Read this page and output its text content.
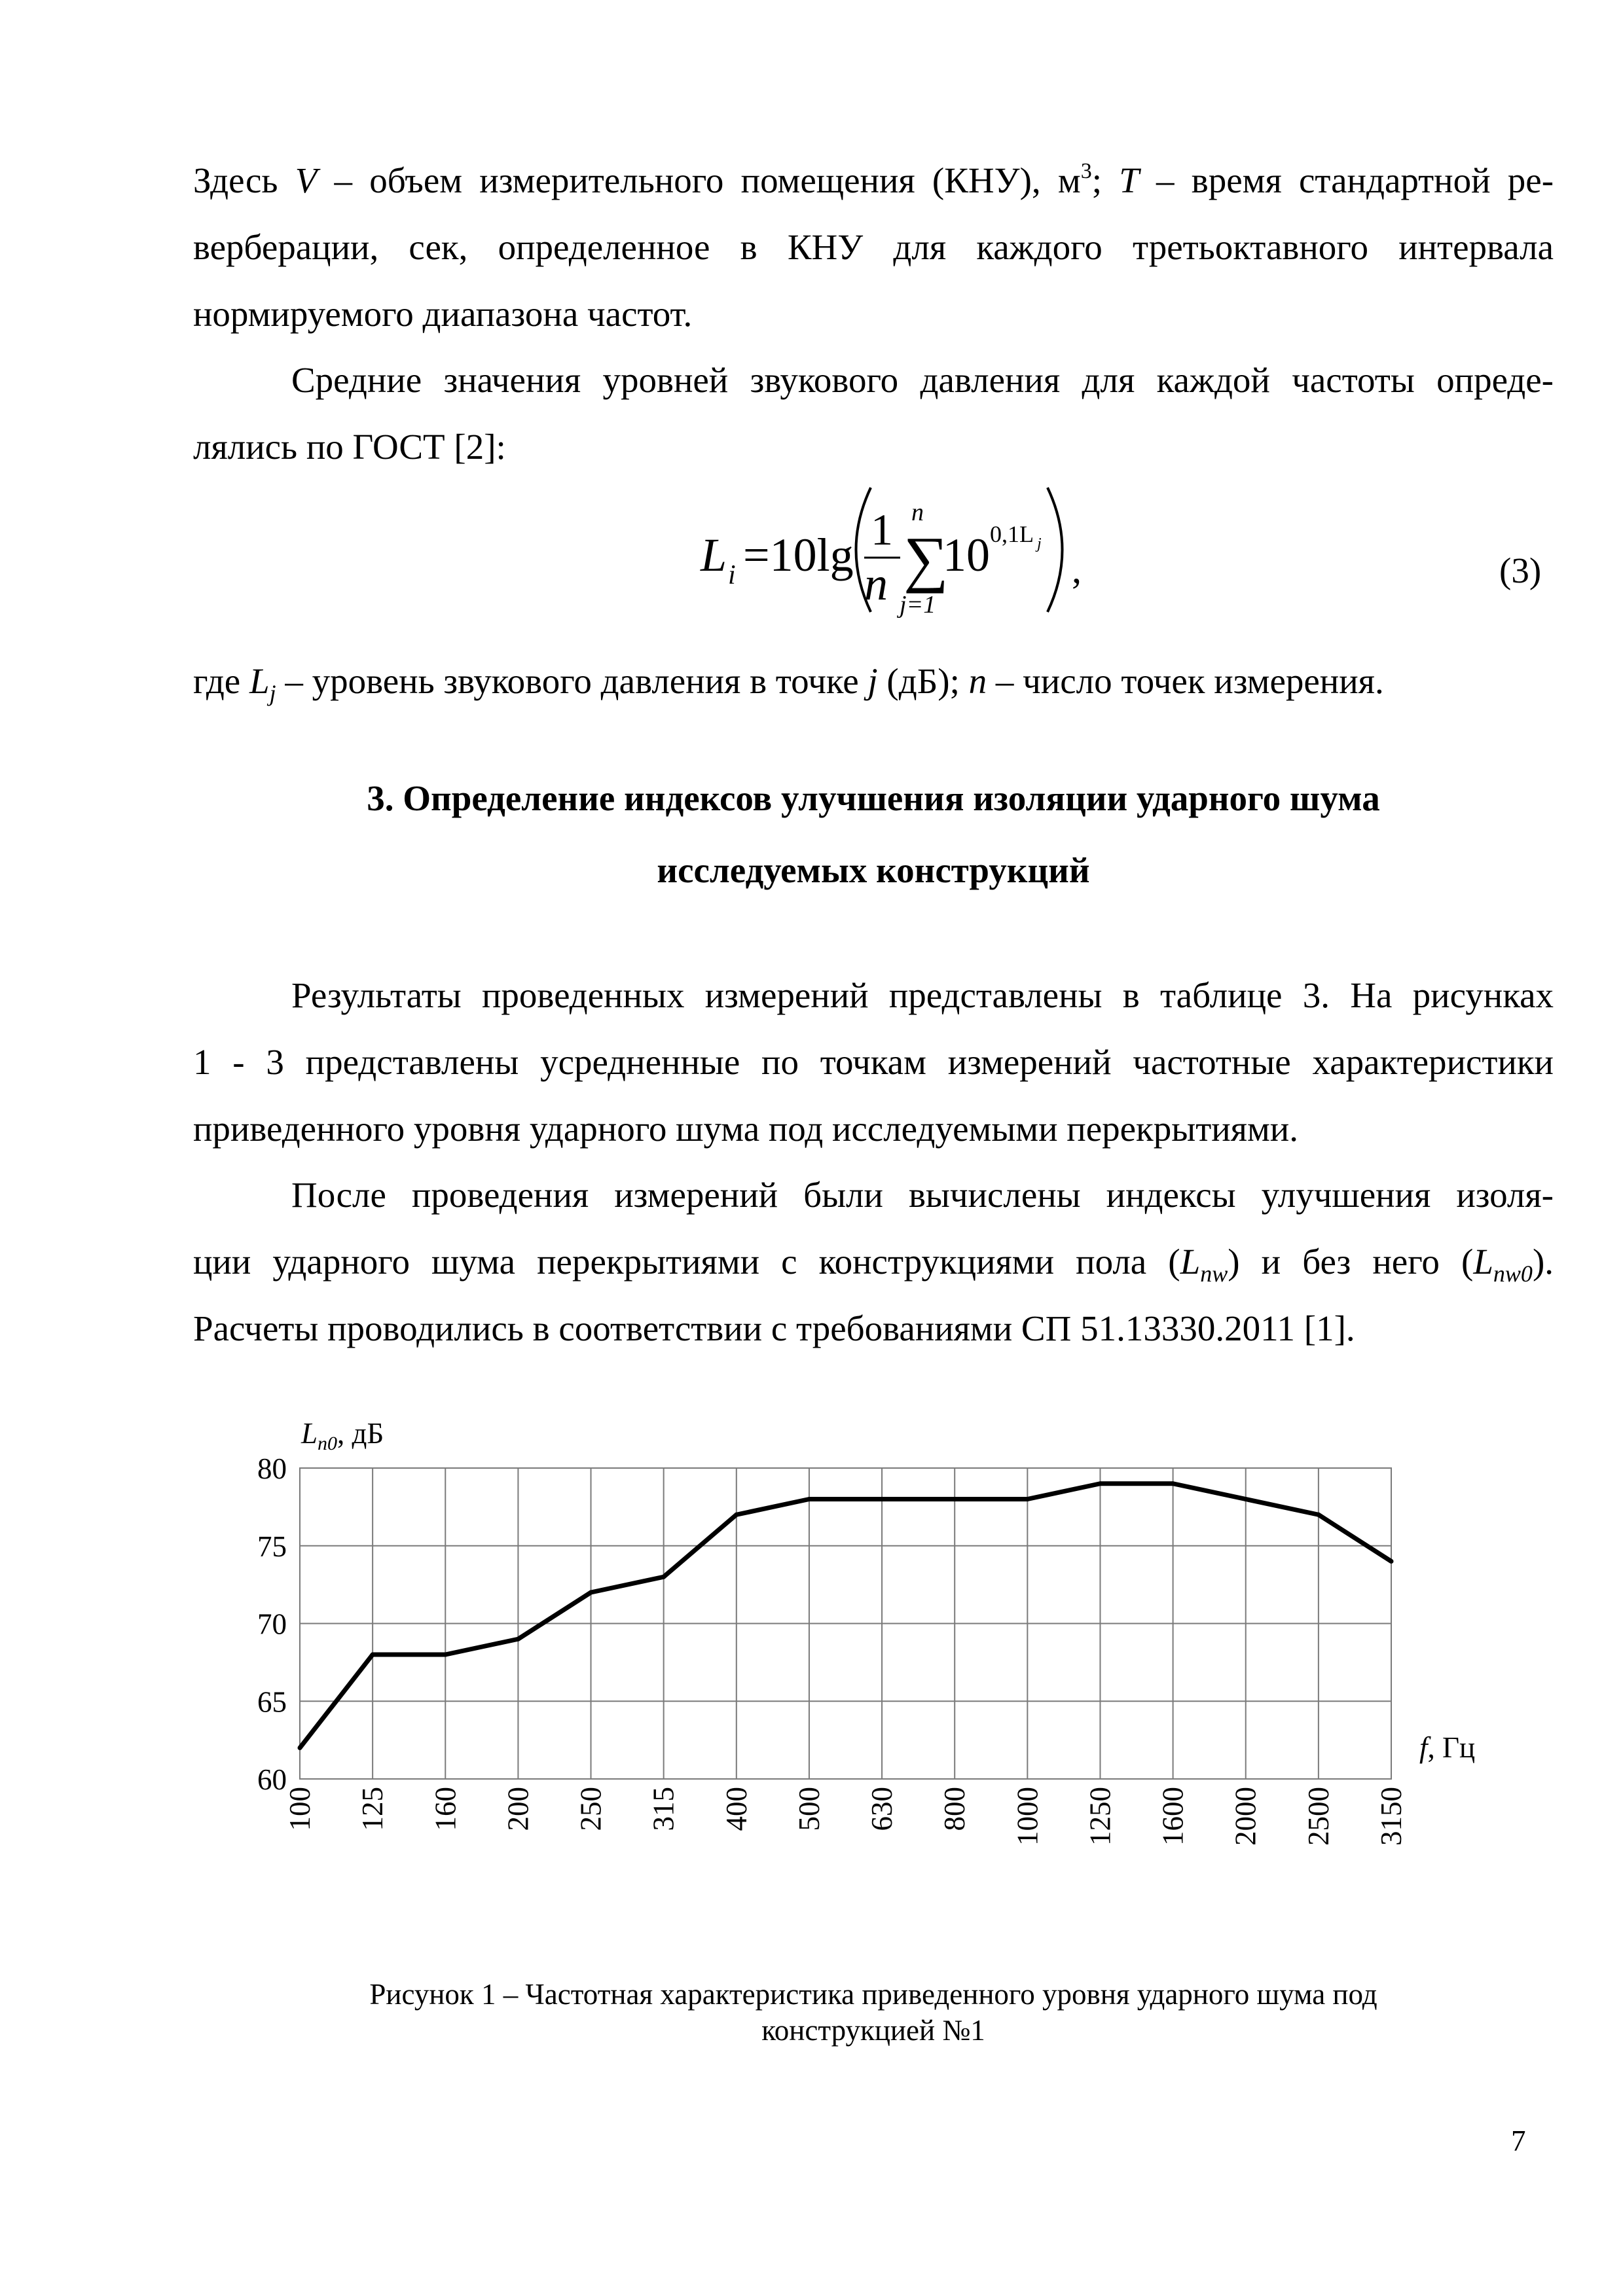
Здесь V – объем измерительного помещения (КНУ), $м^3$; T – время стандартной ре-
верберации, сек, определенное в КНУ для каждого третьоктавного интервала
нормируемого диапазона частот.
Средние значения уровней звукового давления для каждой частоты опреде-
лялись по ГОСТ [2]:
L i =10lg 1
n
n
∑
j=1
10 0,1L j
,	(3)
где $L_j$ – уровень звукового давления в точке j (дБ); n – число точек измерения.
3. Определение индексов улучшения изоляции ударного шума
исследуемых конструкций
Результаты проведенных измерений представлены в таблице 3. На рисунках
1 - 3 представлены усредненные по точкам измерений частотные характеристики
приведенного уровня ударного шума под исследуемыми перекрытиями.
После проведения измерений были вычислены индексы улучшения изоля-
ции ударного шума перекрытиями с конструкциями пола $(L_{nw})$ и без него $(L_{nw0})$.
Расчеты проводились в соответствии с требованиями СП 51.13330.2011 [1].
60
65
70
75
80
100 125 160 200 250 315 400 500 630 800 1000 1250 1600 2000 2500 3150
$L_{n0}$, дБ
f, Гц
Рисунок 1 – Частотная характеристика приведенного уровня ударного шума под
конструкцией №1
7
